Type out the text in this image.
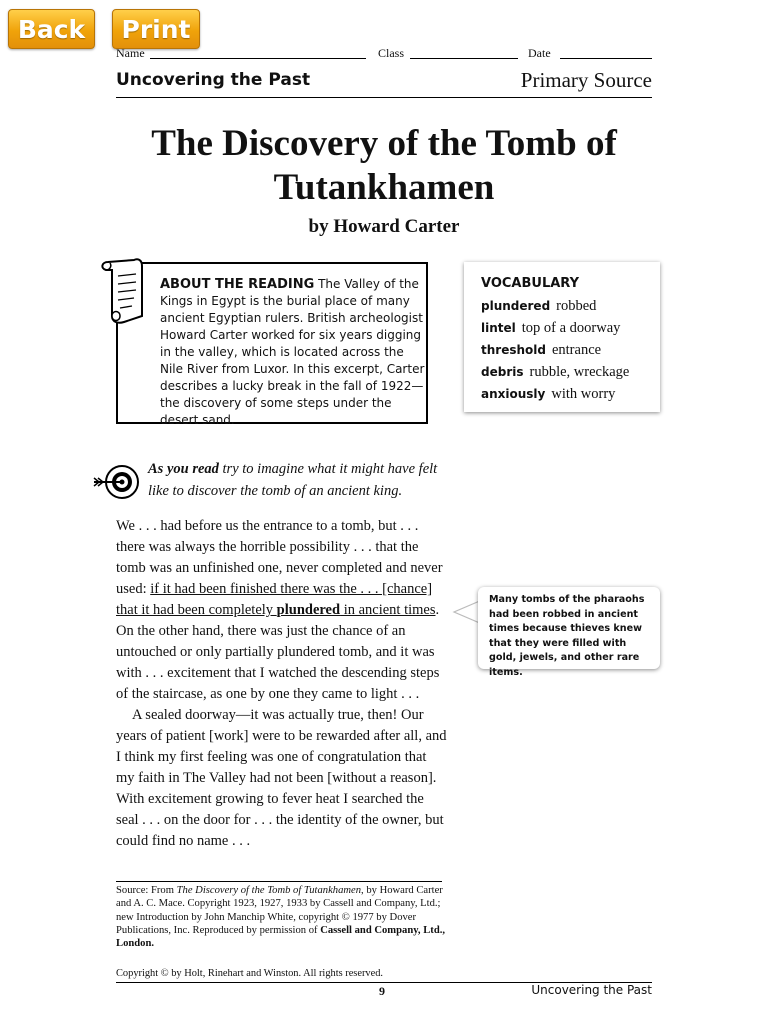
Back	Print
Name	Class	Date
Uncovering the Past	Primary Source
The Discovery of the Tomb of
Tutankhamen
by Howard Carter
ABOUT THE READING The Valley of the Kings in Egypt is the burial place of many ancient Egyptian rulers. British archeologist Howard Carter worked for six years digging in the valley, which is located across the Nile River from Luxor. In this excerpt, Carter describes a lucky break in the fall of 1922—the discovery of some steps under the desert sand.
VOCABULARY
plundered robbed
lintel top of a doorway
threshold entrance
debris rubble, wreckage
anxiously with worry
As you read try to imagine what it might have felt like to discover the tomb of an ancient king.

We . . . had before us the entrance to a tomb, but . . . there was always the horrible possibility . . . that the tomb was an unfinished one, never completed and never used: if it had been finished there was the . . . [chance] that it had been completely plundered in ancient times. On the other hand, there was just the chance of an untouched or only partially plundered tomb, and it was with . . . excitement that I watched the descending steps of the staircase, as one by one they came to light . . .

A sealed doorway—it was actually true, then! Our years of patient [work] were to be rewarded after all, and I think my first feeling was one of congratulation that my faith in The Valley had not been [without a reason]. With excitement growing to fever heat I searched the seal . . . on the door for . . . the identity of the owner, but could find no name . . .

Many tombs of the pharaohs had been robbed in ancient times because thieves knew that they were filled with gold, jewels, and other rare items.
Source: From The Discovery of the Tomb of Tutankhamen, by Howard Carter and A. C. Mace. Copyright 1923, 1927, 1933 by Cassell and Company, Ltd.; new Introduction by John Manchip White, copyright © 1977 by Dover Publications, Inc. Reproduced by permission of Cassell and Company, Ltd., London.
Copyright © by Holt, Rinehart and Winston. All rights reserved.
9	Uncovering the Past
